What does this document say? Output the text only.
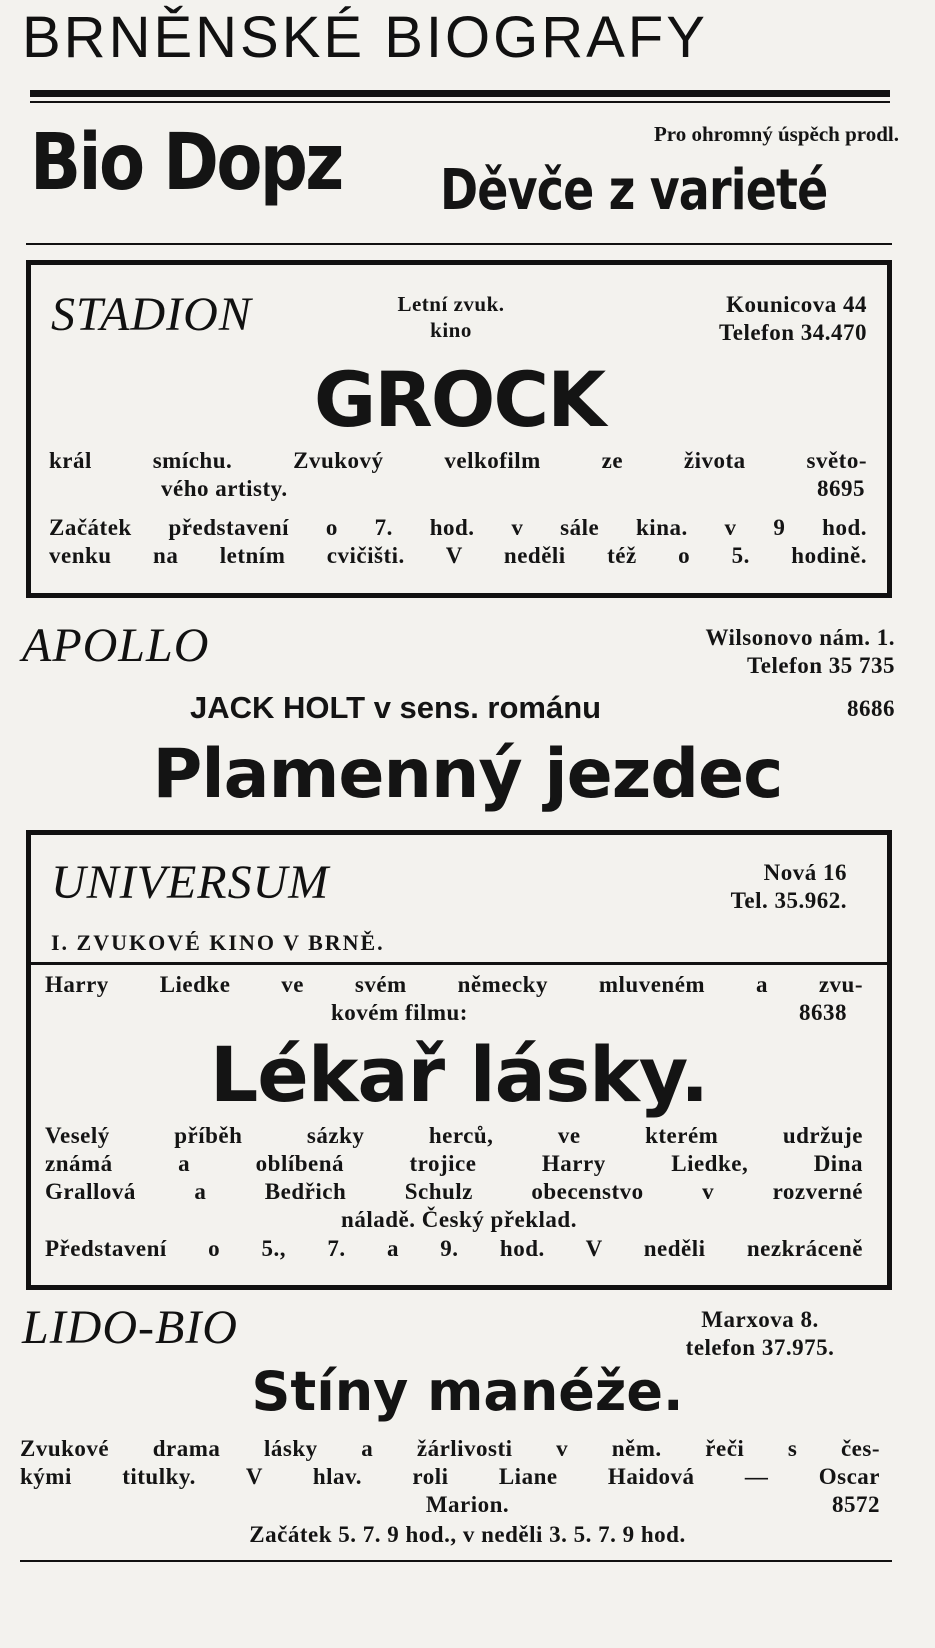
BRNĚNSKÉ BIOGRAFY
Bio Dopz	Pro ohromný úspěch prodl.
Děvče z varieté
STADION	Letní zvuk.
kino
Kounicova 44
Telefon 34.470
GROCK
král smíchu. Zvukový velkofilm ze života světo-
vého artisty.	8695
Začátek představení o 7. hod. v sále kina. v 9 hod.
venku na letním cvičišti. V neděli též o 5. hodině.
APOLLO	Wilsonovo nám. 1.
Telefon 35 735
JACK HOLT v sens. románu	8686
Plamenný jezdec
UNIVERSUM	Nová 16
Tel. 35.962.
I. ZVUKOVÉ KINO V BRNĚ.
Harry Liedke ve svém německy mluveném a zvu-
kovém filmu:	8638
Lékař lásky.
Veselý příběh sázky herců, ve kterém udržuje
známá a oblíbená trojice Harry Liedke, Dina
Grallová a Bedřich Schulz obecenstvo v rozverné
náladě. Český překlad.
Představení o 5., 7. a 9. hod. V neděli nezkráceně
LIDO-BIO	Marxova 8.
telefon 37.975.
Stíny manéže.
Zvukové drama lásky a žárlivosti v něm. řeči s čes-
kými titulky. V hlav. roli Liane Haidová — Oscar
Marion.	8572
Začátek 5. 7. 9 hod., v neděli 3. 5. 7. 9 hod.
